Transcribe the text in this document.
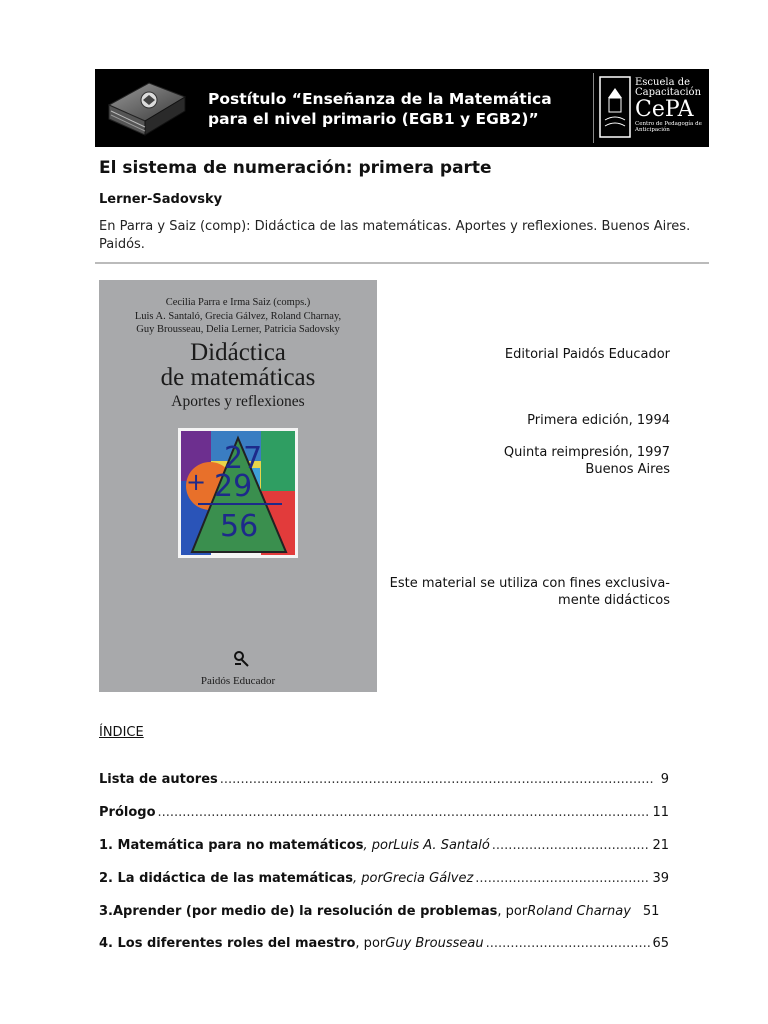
Postítulo “Enseñanza de la Matemática
para el nivel primario (EGB1 y EGB2)”
Escuela de
Capacitación
CePA
Centro de Pedagogía de Anticipación
El sistema de numeración: primera parte
Lerner-Sadovsky
En Parra y Saiz (comp): Didáctica de las matemáticas. Aportes y reflexiones. Buenos Aires. Paidós.
Cecilia Parra e Irma Saiz (comps.)
Luis A. Santaló, Grecia Gálvez, Roland Charnay,
Guy Brousseau, Delia Lerner, Patricia Sadovsky
Didáctica
de matemáticas
Aportes y reflexiones
27
+ 29
56
Paidós Educador
Editorial Paidós Educador
Primera edición, 1994
Quinta reimpresión, 1997
Buenos Aires
Este material se utiliza con fines exclusiva-
mente didácticos
ÍNDICE
Lista de autores .....	9
Prólogo .....	11
1. Matemática para no matemáticos , por Luis A. Santaló .....	21
2. La didáctica de las matemáticas , por Grecia Gálvez .....	39
3.Aprender (por medio de) la resolución de problemas , por Roland Charnay 51
4. Los diferentes roles del maestro , por Guy Brousseau .....	65
